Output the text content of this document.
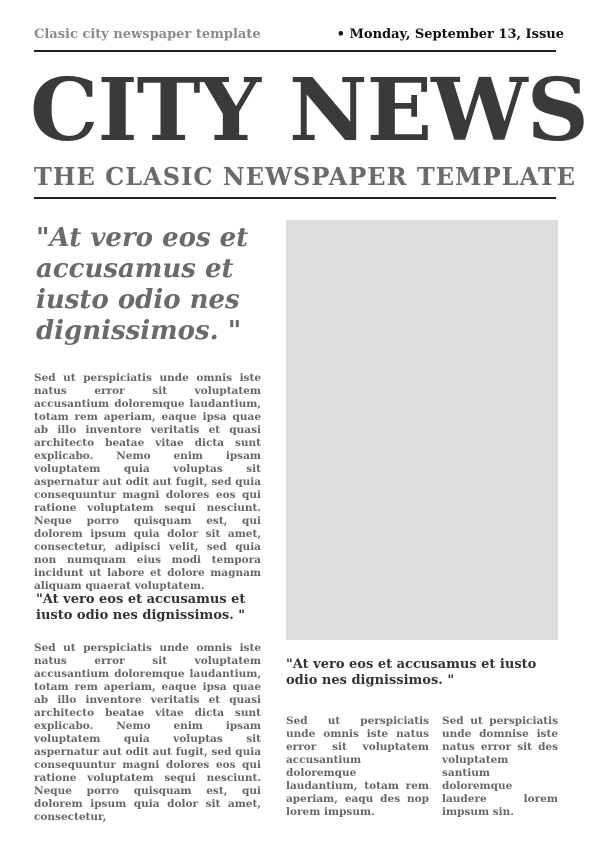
Clasic city newspaper template	• Monday, September 13, Issue
CITY NEWS
THE CLASIC NEWSPAPER TEMPLATE
"At vero eos et accusamus et iusto odio nes dignissimos. "
Sed ut perspiciatis unde omnis iste natus error sit voluptatem accusantium doloremque laudantium, totam rem aperiam, eaque ipsa quae ab illo inventore veritatis et quasi architecto beatae vitae dicta sunt explicabo. Nemo enim ipsam voluptatem quia voluptas sit aspernatur aut odit aut fugit, sed quia consequuntur magni dolores eos qui ratione voluptatem sequi nesciunt. Neque porro quisquam est, qui dolorem ipsum quia dolor sit amet, consectetur, adipisci velit, sed quia non numquam eius modi tempora incidunt ut labore et dolore magnam aliquam quaerat voluptatem.
"At vero eos et accusamus et iusto odio nes dignissimos. "
Sed ut perspiciatis unde omnis iste natus error sit voluptatem accusantium doloremque laudantium, totam rem aperiam, eaque ipsa quae ab illo inventore veritatis et quasi architecto beatae vitae dicta sunt explicabo. Nemo enim ipsam voluptatem quia voluptas sit aspernatur aut odit aut fugit, sed quia consequuntur magni dolores eos qui ratione voluptatem sequi nesciunt. Neque porro quisquam est, qui dolorem ipsum quia dolor sit amet, consectetur,
"At vero eos et accusamus et iusto odio nes dignissimos. "
Sed ut perspiciatis unde omnis iste natus error sit voluptatem accusantium doloremque laudantium, totam rem aperiam, eaqu des nop lorem impsum.
Sed ut perspiciatis unde domnise iste natus error sit des voluptatem santium doloremque laudere lorem impsum sin.
